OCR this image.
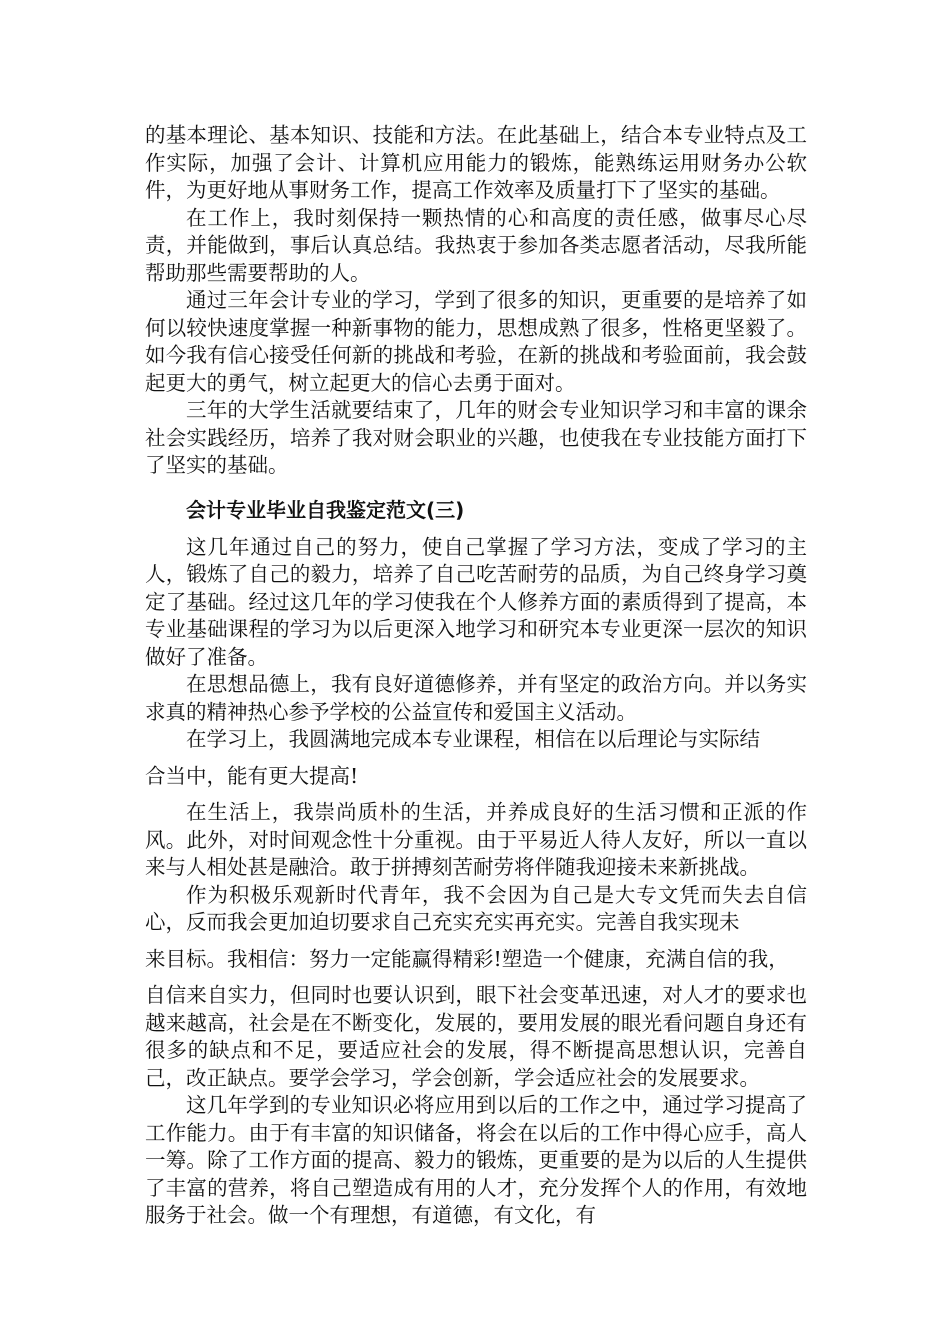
的基本理论、基本知识、技能和方法。在此基础上，结合本专业特点及工作实际，加强了会计、计算机应用能力的锻炼，能熟练运用财务办公软件，为更好地从事财务工作，提高工作效率及质量打下了坚实的基础。

在工作上，我时刻保持一颗热情的心和高度的责任感，做事尽心尽责，并能做到，事后认真总结。我热衷于参加各类志愿者活动，尽我所能帮助那些需要帮助的人。

通过三年会计专业的学习，学到了很多的知识，更重要的是培养了如何以较快速度掌握一种新事物的能力，思想成熟了很多，性格更坚毅了。如今我有信心接受任何新的挑战和考验，在新的挑战和考验面前，我会鼓起更大的勇气，树立起更大的信心去勇于面对。

三年的大学生活就要结束了，几年的财会专业知识学习和丰富的课余社会实践经历，培养了我对财会职业的兴趣，也使我在专业技能方面打下了坚实的基础。

会计专业毕业自我鉴定范文(三)

这几年通过自己的努力，使自己掌握了学习方法，变成了学习的主人，锻炼了自己的毅力，培养了自己吃苦耐劳的品质，为自己终身学习奠定了基础。经过这几年的学习使我在个人修养方面的素质得到了提高，本专业基础课程的学习为以后更深入地学习和研究本专业更深一层次的知识做好了准备。

在思想品德上，我有良好道德修养，并有坚定的政治方向。并以务实求真的精神热心参予学校的公益宣传和爱国主义活动。

在学习上，我圆满地完成本专业课程，相信在以后理论与实际结

合当中，能有更大提高!

在生活上，我崇尚质朴的生活，并养成良好的生活习惯和正派的作风。此外，对时间观念性十分重视。由于平易近人待人友好，所以一直以来与人相处甚是融洽。敢于拼搏刻苦耐劳将伴随我迎接未来新挑战。

作为积极乐观新时代青年，我不会因为自己是大专文凭而失去自信心，反而我会更加迫切要求自己充实充实再充实。完善自我实现未

来目标。我相信：努力一定能赢得精彩!塑造一个健康，充满自信的我，

自信来自实力，但同时也要认识到，眼下社会变革迅速，对人才的要求也越来越高，社会是在不断变化，发展的，要用发展的眼光看问题自身还有很多的缺点和不足，要适应社会的发展，得不断提高思想认识，完善自己，改正缺点。要学会学习，学会创新，学会适应社会的发展要求。

这几年学到的专业知识必将应用到以后的工作之中，通过学习提高了工作能力。由于有丰富的知识储备，将会在以后的工作中得心应手，高人一筹。除了工作方面的提高、毅力的锻炼，更重要的是为以后的人生提供了丰富的营养，将自己塑造成有用的人才，充分发挥个人的作用，有效地服务于社会。做一个有理想，有道德，有文化，有
